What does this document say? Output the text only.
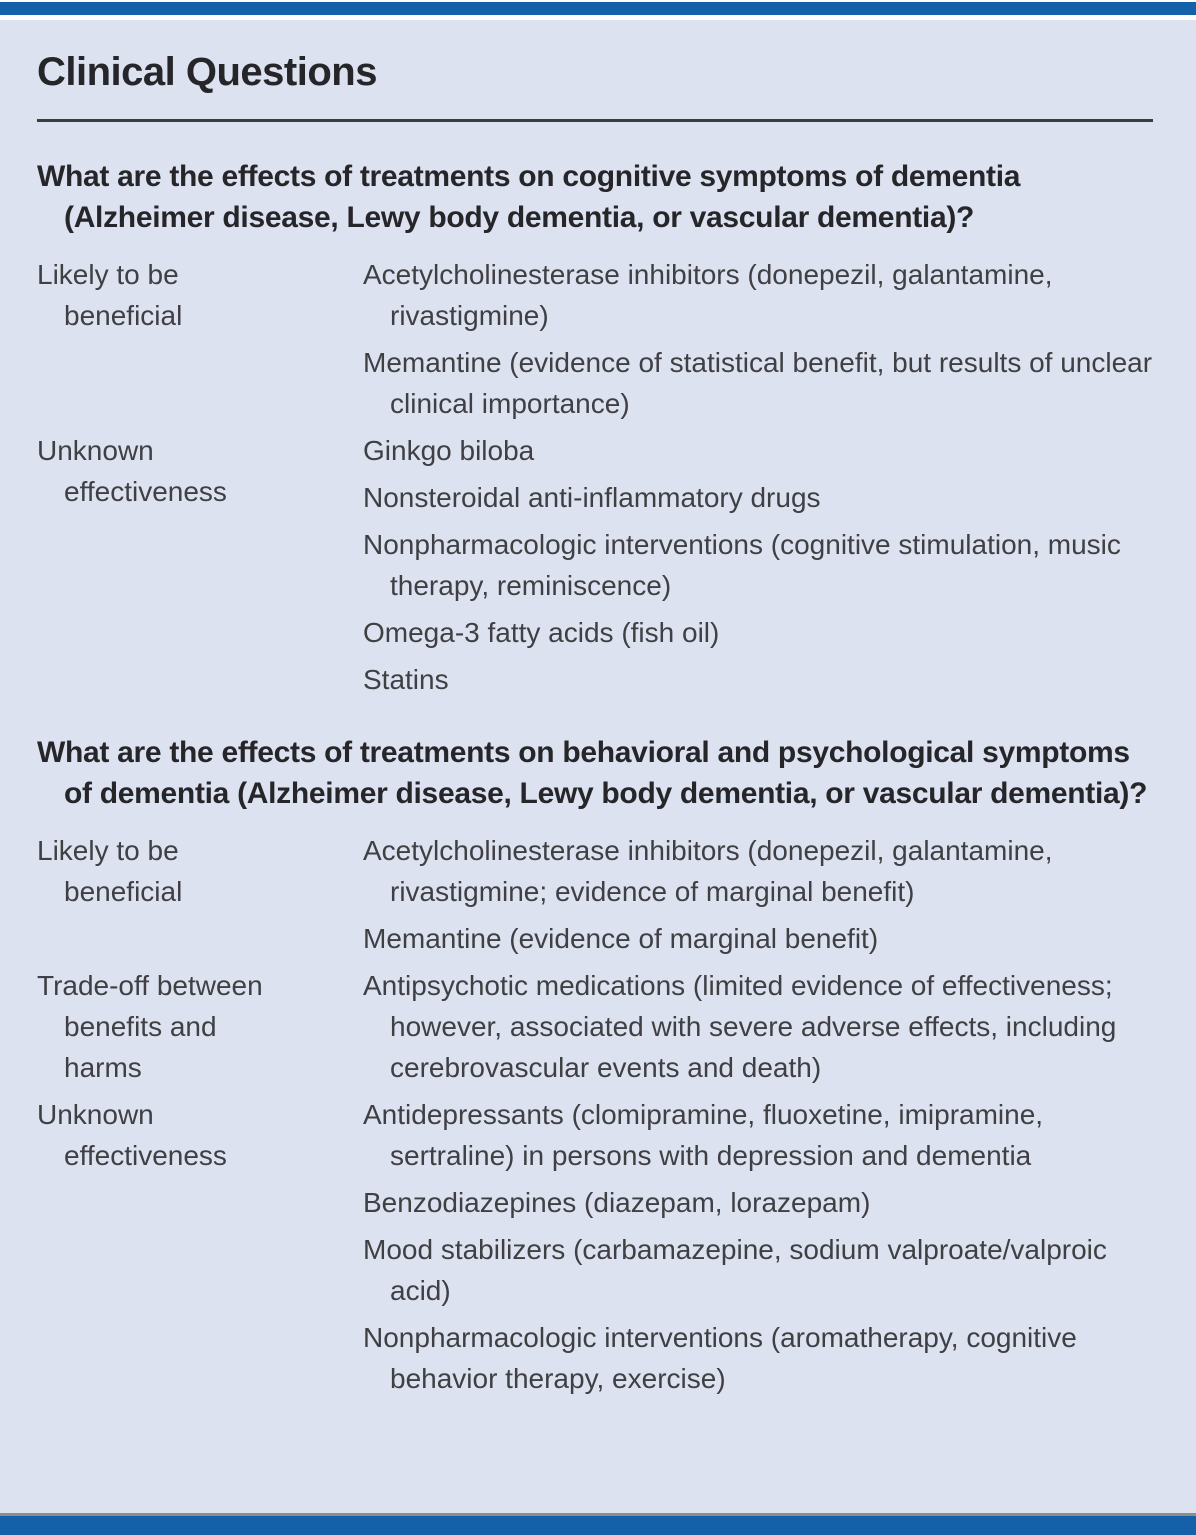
Clinical Questions
What are the effects of treatments on cognitive symptoms of dementia (Alzheimer disease, Lewy body dementia, or vascular dementia)?
Likely to be beneficial

Acetylcholinesterase inhibitors (donepezil, galantamine, rivastigmine)

Memantine (evidence of statistical benefit, but results of unclear clinical importance)

Unknown effectiveness

Ginkgo biloba

Nonsteroidal anti-inflammatory drugs

Nonpharmacologic interventions (cognitive stimulation, music therapy, reminiscence)

Omega-3 fatty acids (fish oil)

Statins

What are the effects of treatments on behavioral and psychological symptoms of dementia (Alzheimer disease, Lewy body dementia, or vascular dementia)?
Likely to be beneficial

Acetylcholinesterase inhibitors (donepezil, galantamine, rivastigmine; evidence of marginal benefit)

Memantine (evidence of marginal benefit)

Trade-off between benefits and harms

Antipsychotic medications (limited evidence of effectiveness; however, associated with severe adverse effects, including cerebrovascular events and death)

Unknown effectiveness

Antidepressants (clomipramine, fluoxetine, imipramine, sertraline) in persons with depression and dementia

Benzodiazepines (diazepam, lorazepam)

Mood stabilizers (carbamazepine, sodium valproate/valproic acid)

Nonpharmacologic interventions (aromatherapy, cognitive behavior therapy, exercise)
